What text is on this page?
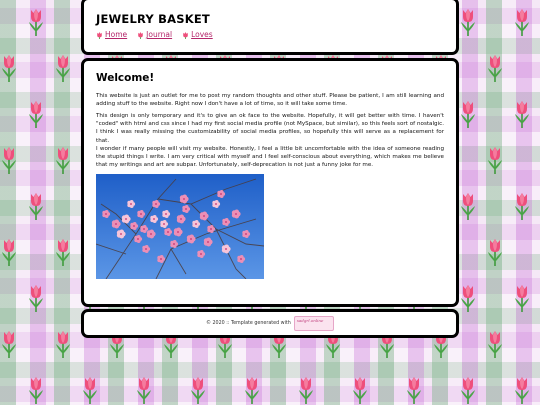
JEWELRY BASKET
Home	Journal	Loves
Welcome!

This website is just an outlet for me to post my random thoughts and other stuff. Please be patient, I am still learning and adding stuff to the website. Right now I don't have a lot of time, so it will take some time.

This design is only temporary and it's to give an ok face to the website. Hopefully, it will get better with time. I haven't "coded" with html and css since I had my first social media profile (not MySpace, but similar), so this feels sort of nostalgic. I think I was really missing the customizability of social media profiles, so hopefully this will serve as a replacement for that.

I wonder if many people will visit my website. Honestly, I feel a little bit uncomfortable with the idea of someone reading the stupid things I write. I am very critical with myself and I feel self-conscious about everything, which makes me believe that my writings and art are subpar. Unfortunately, self-deprecation is not just a funny joke for me.

© 2020 :: Template generated with
sadgrl.online
